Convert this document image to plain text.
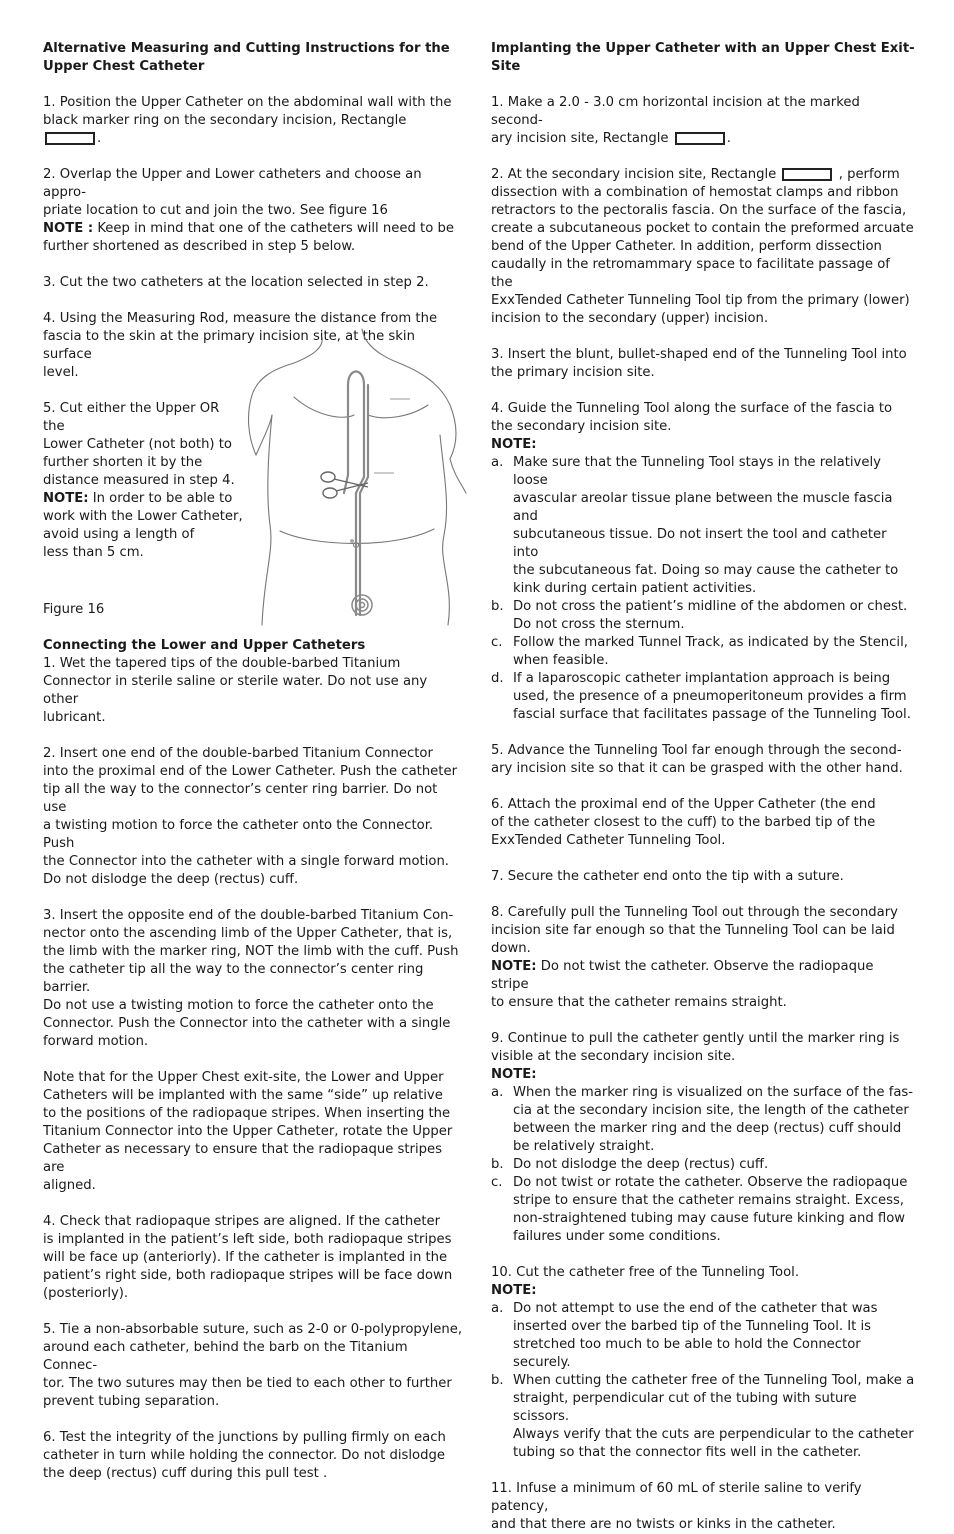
Alternative Measuring and Cutting Instructions for the
Upper Chest Catheter

1. Position the Upper Catheter on the abdominal wall with the
black marker ring on the secondary incision, Rectangle .

2. Overlap the Upper and Lower catheters and choose an appro-
priate location to cut and join the two. See figure 16

NOTE : Keep in mind that one of the catheters will need to be
further shortened as described in step 5 below.

3. Cut the two catheters at the location selected in step 2.

4. Using the Measuring Rod, measure the distance from the
fascia to the skin at the primary incision site, at the skin surface
level.

5. Cut either the Upper OR the
Lower Catheter (not both) to
further shorten it by the
distance measured in step 4.

NOTE: In order to be able to
work with the Lower Catheter,
avoid using a length of
less than 5 cm.

Figure 16

Connecting the Lower and Upper Catheters

1. Wet the tapered tips of the double-barbed Titanium
Connector in sterile saline or sterile water. Do not use any other
lubricant.

2. Insert one end of the double-barbed Titanium Connector
into the proximal end of the Lower Catheter. Push the catheter
tip all the way to the connector’s center ring barrier. Do not use
a twisting motion to force the catheter onto the Connector. Push
the Connector into the catheter with a single forward motion.
Do not dislodge the deep (rectus) cuff.

3. Insert the opposite end of the double-barbed Titanium Con-
nector onto the ascending limb of the Upper Catheter, that is,
the limb with the marker ring, NOT the limb with the cuff. Push
the catheter tip all the way to the connector’s center ring barrier.
Do not use a twisting motion to force the catheter onto the
Connector. Push the Connector into the catheter with a single
forward motion.

Note that for the Upper Chest exit-site, the Lower and Upper
Catheters will be implanted with the same “side” up relative
to the positions of the radiopaque stripes. When inserting the
Titanium Connector into the Upper Catheter, rotate the Upper
Catheter as necessary to ensure that the radiopaque stripes are
aligned.

4. Check that radiopaque stripes are aligned. If the catheter
is implanted in the patient’s left side, both radiopaque stripes
will be face up (anteriorly). If the catheter is implanted in the
patient’s right side, both radiopaque stripes will be face down
(posteriorly).

5. Tie a non-absorbable suture, such as 2-0 or 0-polypropylene,
around each catheter, behind the barb on the Titanium Connec-
tor. The two sutures may then be tied to each other to further
prevent tubing separation.

6. Test the integrity of the junctions by pulling firmly on each
catheter in turn while holding the connector. Do not dislodge
the deep (rectus) cuff during this pull test .

Implanting the Upper Catheter with an Upper Chest Exit-Site

1. Make a 2.0 - 3.0 cm horizontal incision at the marked second-
ary incision site, Rectangle	.

2. At the secondary incision site, Rectangle	, perform
dissection with a combination of hemostat clamps and ribbon
retractors to the pectoralis fascia. On the surface of the fascia,
create a subcutaneous pocket to contain the preformed arcuate
bend of the Upper Catheter. In addition, perform dissection
caudally in the retromammary space to facilitate passage of the
ExxTended Catheter Tunneling Tool tip from the primary (lower)
incision to the secondary (upper) incision.

3. Insert the blunt, bullet-shaped end of the Tunneling Tool into
the primary incision site.

4. Guide the Tunneling Tool along the surface of the fascia to
the secondary incision site.

NOTE:

a. Make sure that the Tunneling Tool stays in the relatively loose
avascular areolar tissue plane between the muscle fascia and
subcutaneous tissue. Do not insert the tool and catheter into
the subcutaneous fat. Doing so may cause the catheter to
kink during certain patient activities.

b. Do not cross the patient’s midline of the abdomen or chest.
Do not cross the sternum.

c. Follow the marked Tunnel Track, as indicated by the Stencil,
when feasible.

d. If a laparoscopic catheter implantation approach is being
used, the presence of a pneumoperitoneum provides a firm
fascial surface that facilitates passage of the Tunneling Tool.

5. Advance the Tunneling Tool far enough through the second-
ary incision site so that it can be grasped with the other hand.

6. Attach the proximal end of the Upper Catheter (the end
of the catheter closest to the cuff) to the barbed tip of the
ExxTended Catheter Tunneling Tool.

7. Secure the catheter end onto the tip with a suture.

8. Carefully pull the Tunneling Tool out through the secondary
incision site far enough so that the Tunneling Tool can be laid
down.

NOTE: Do not twist the catheter. Observe the radiopaque stripe
to ensure that the catheter remains straight.

9. Continue to pull the catheter gently until the marker ring is
visible at the secondary incision site.

NOTE:

a. When the marker ring is visualized on the surface of the fas-
cia at the secondary incision site, the length of the catheter
between the marker ring and the deep (rectus) cuff should
be relatively straight.

b. Do not dislodge the deep (rectus) cuff.

c. Do not twist or rotate the catheter. Observe the radiopaque
stripe to ensure that the catheter remains straight. Excess,
non-straightened tubing may cause future kinking and flow
failures under some conditions.

10. Cut the catheter free of the Tunneling Tool.

NOTE:

a. Do not attempt to use the end of the catheter that was
inserted over the barbed tip of the Tunneling Tool. It is
stretched too much to be able to hold the Connector
securely.

b. When cutting the catheter free of the Tunneling Tool, make a
straight, perpendicular cut of the tubing with suture scissors.
Always verify that the cuts are perpendicular to the catheter
tubing so that the connector fits well in the catheter.

11. Infuse a minimum of 60 mL of sterile saline to verify patency,
and that there are no twists or kinks in the catheter.
